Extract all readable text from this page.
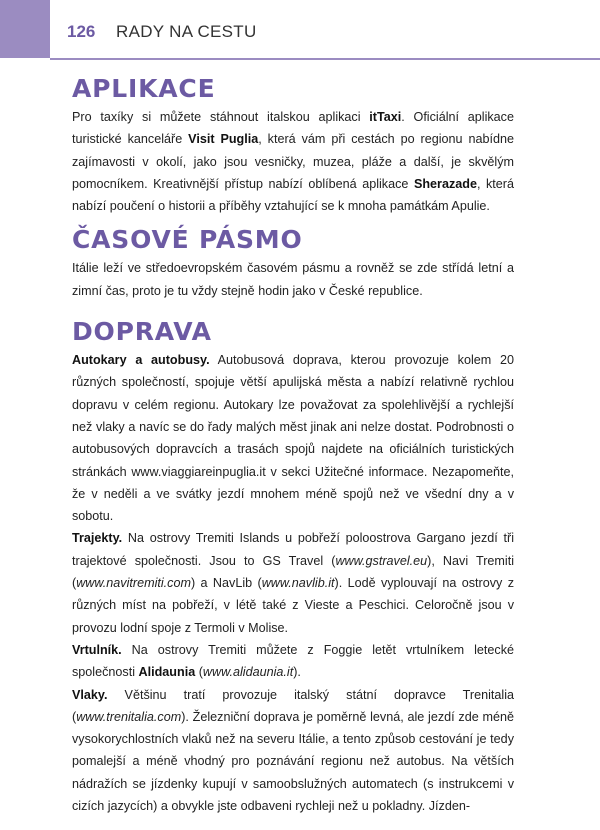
126 RADY NA CESTU
APLIKACE

Pro taxíky si můžete stáhnout italskou aplikaci itTaxi. Oficiální aplikace turistické kanceláře Visit Puglia, která vám při cestách po regionu nabídne zajímavosti v okolí, jako jsou vesničky, muzea, pláže a další, je skvělým pomocníkem. Kreativnější přístup nabízí oblíbená aplikace Sherazade, která nabízí poučení o historii a příběhy vztahující se k mnoha památkám Apulie.

ČASOVÉ PÁSMO

Itálie leží ve středoevropském časovém pásmu a rovněž se zde střídá letní a zimní čas, proto je tu vždy stejně hodin jako v České republice.

DOPRAVA

Autokary a autobusy. Autobusová doprava, kterou provozuje kolem 20 různých společností, spojuje větší apulijská města a nabízí relativně rychlou dopravu v celém regionu. Autokary lze považovat za spolehlivější a rychlejší než vlaky a navíc se do řady malých měst jinak ani nelze dostat. Podrobnosti o autobusových dopravcích a trasách spojů najdete na oficiálních turistických stránkách www.viaggiareinpuglia.it v sekci Užitečné informace. Nezapomeňte, že v neděli a ve svátky jezdí mnohem méně spojů než ve všední dny a v sobotu.

Trajekty. Na ostrovy Tremiti Islands u pobřeží poloostrova Gargano jezdí tři trajektové společnosti. Jsou to GS Travel (www.gstravel.eu), Navi Tremiti (www.navitremiti.com) a NavLib (www.navlib.it). Lodě vyplouvají na ostrovy z různých míst na pobřeží, v létě také z Vieste a Peschici. Celoročně jsou v provozu lodní spoje z Termoli v Molise.

Vrtulník. Na ostrovy Tremiti můžete z Foggie letět vrtulníkem letecké společnosti Alidaunia (www.alidaunia.it).

Vlaky. Většinu tratí provozuje italský státní dopravce Trenitalia (www.trenitalia.com). Železniční doprava je poměrně levná, ale jezdí zde méně vysokorychlostních vlaků než na severu Itálie, a tento způsob cestování je tedy pomalejší a méně vhodný pro poznávání regionu než autobus. Na větších nádražích se jízdenky kupují v samoobslužných automatech (s instrukcemi v cizích jazycích) a obvykle jste odbaveni rychleji než u pokladny. Jízden-
